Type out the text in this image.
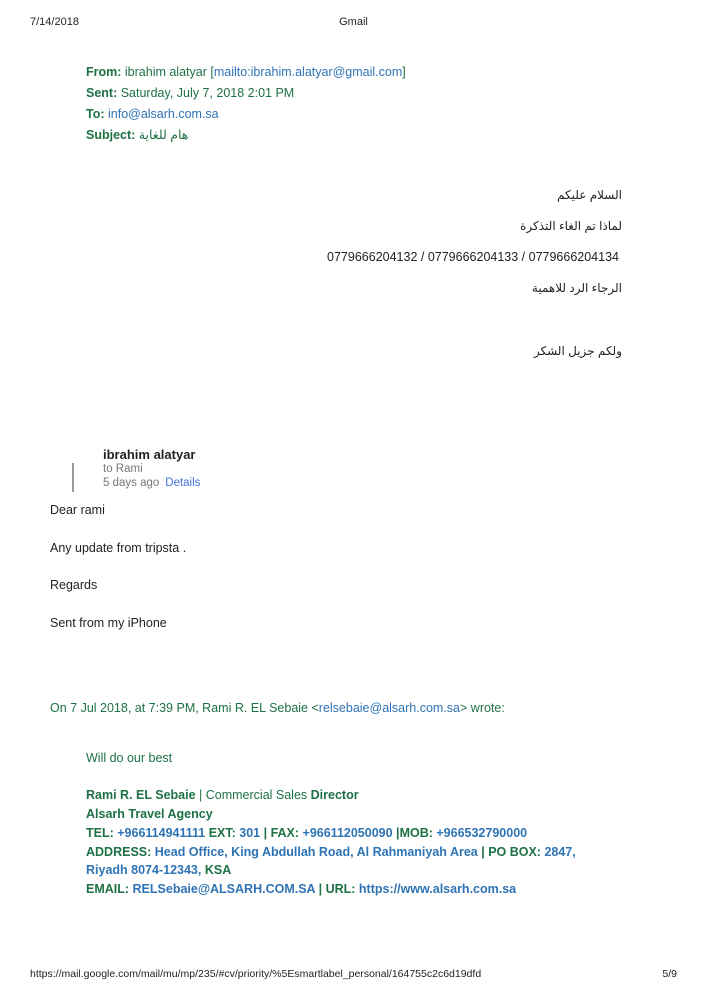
7/14/2018	Gmail
From: ibrahim alatyar [mailto:ibrahim.alatyar@gmail.com]
Sent: Saturday, July 7, 2018 2:01 PM
To: info@alsarh.com.sa
Subject: هام للغاية
السلام عليكم
لماذا تم الغاء التذكرة
0779666204132 / 0779666204133 / 0779666204134
الرجاء الرد للاهمية
ولكم جزيل الشكر
ibrahim alatyar
to Rami
5 days ago Details
Dear rami
Any update from tripsta .
Regards
Sent from my iPhone
On 7 Jul 2018, at 7:39 PM, Rami R. EL Sebaie <relsebaie@alsarh.com.sa> wrote:
Will do our best
Rami R. EL Sebaie | Commercial Sales Director
Alsarh Travel Agency
TEL: +966114941111 EXT: 301 | FAX: +966112050090 |MOB: +966532790000
ADDRESS: Head Office, King Abdullah Road, Al Rahmaniyah Area | PO BOX: 2847,
Riyadh 8074-12343, KSA
EMAIL: RELSebaie@ALSARH.COM.SA | URL: https://www.alsarh.com.sa
https://mail.google.com/mail/mu/mp/235/#cv/priority/%5Esmartlabel_personal/164755c2c6d19dfd	5/9
